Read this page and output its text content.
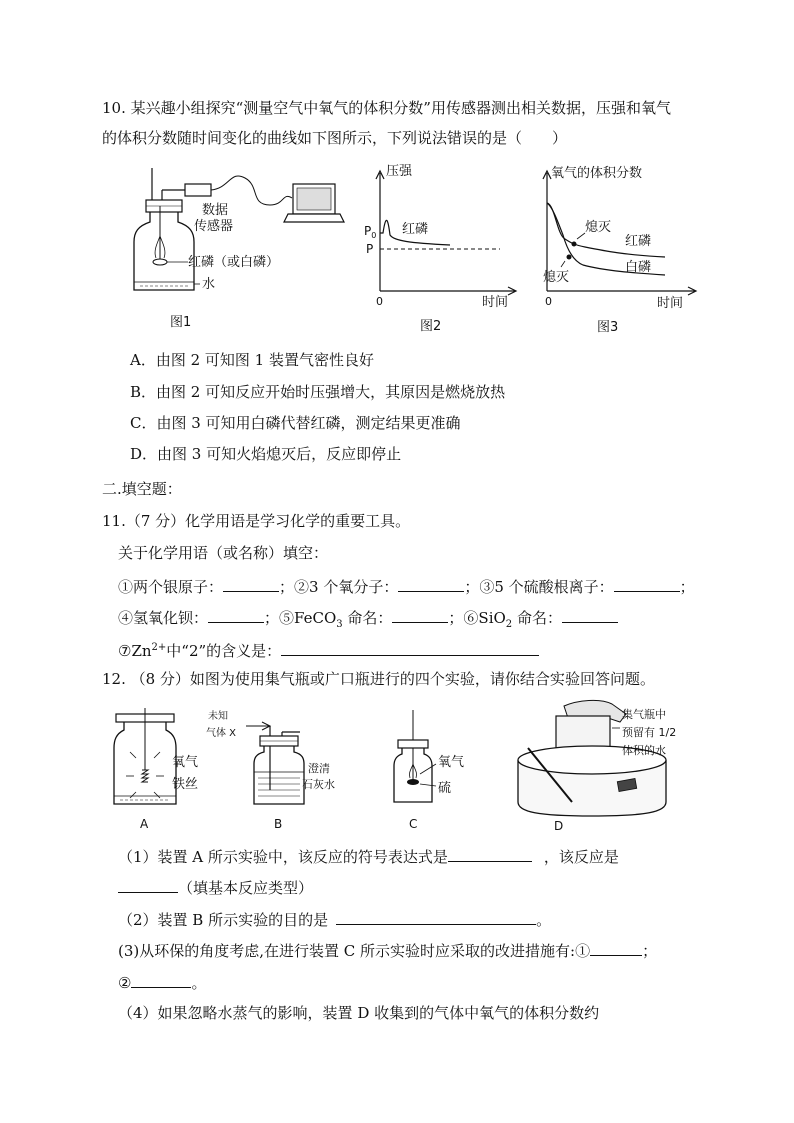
10. 某兴趣小组探究“测量空气中氧气的体积分数”用传感器测出相关数据，压强和氧气
的体积分数随时间变化的曲线如下图所示，下列说法错误的是（　　）
数据
传感器
红磷（或白磷）
水
图1
压强
$P_0$
P
红磷
0	时间
图2
氧气的体积分数
熄灭
熄灭
红磷
白磷
0	时间
图3
A．由图 2 可知图 1 装置气密性良好
B．由图 2 可知反应开始时压强增大，其原因是燃烧放热
C．由图 3 可知用白磷代替红磷，测定结果更准确
D．由图 3 可知火焰熄灭后，反应即停止
二.填空题：
11.（7 分）化学用语是学习化学的重要工具。
关于化学用语（或名称）填空：
①两个银原子：	；②3 个氧分子：	；③5 个硫酸根离子：	；
④氢氧化钡：	；⑤FeCO$_3$ 命名：	；⑥SiO$_2$ 命名：
$⑦Zn^{2+}$中“2”的含义是：
12. （8 分）如图为使用集气瓶或广口瓶进行的四个实验，请你结合实验回答问题。
氧气
铁丝
A
未知
气体 X
澄清
石灰水
B
氧气
硫
C
集气瓶中
预留有 1/2
体积的水
D
（1）装置 A 所示实验中，该反应的符号表达式是	，该反应是
（填基本反应类型）
（2）装置 B 所示实验的目的是	。
(3)从环保的角度考虑,在进行装置 C 所示实验时应采取的改进措施有:①	；
②	。
（4）如果忽略水蒸气的影响，装置 D 收集到的气体中氧气的体积分数约
